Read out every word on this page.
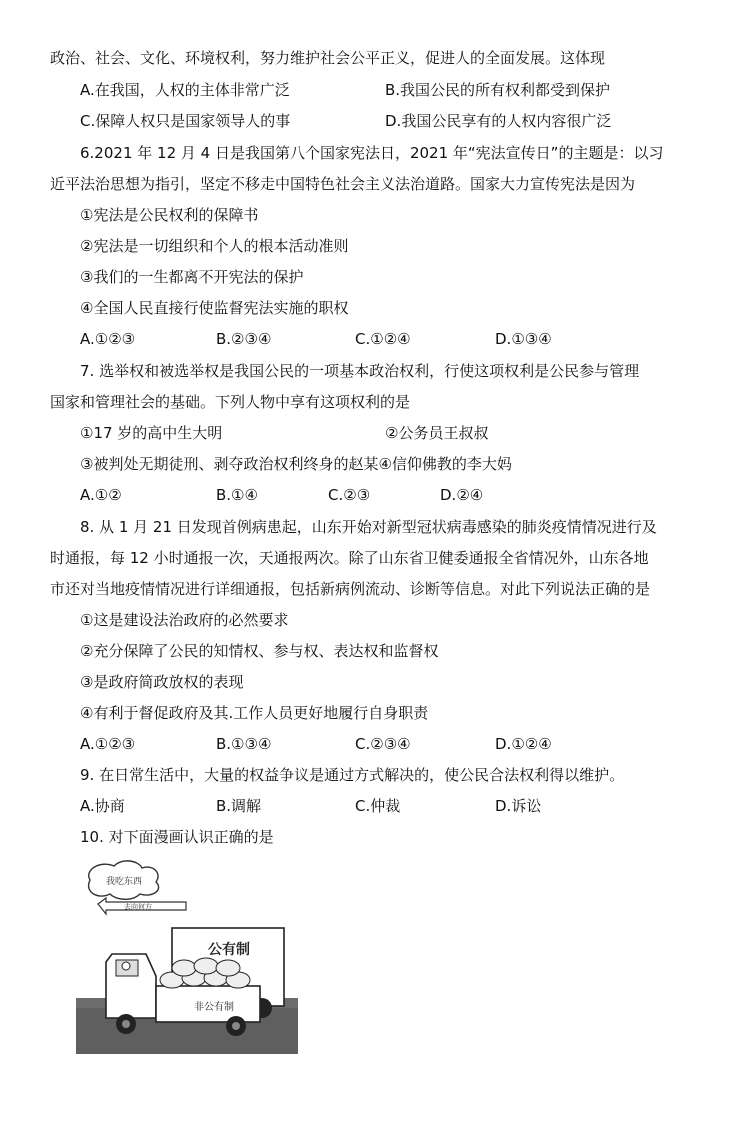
政治、社会、文化、环境权利，努力维护社会公平正义，促进人的全面发展。这体现
A.在我国，人权的主体非常广泛	B.我国公民的所有权利都受到保护
C.保障人权只是国家领导人的事	D.我国公民享有的人权内容很广泛
6.2021 年 12 月 4 日是我国第八个国家宪法日，2021 年“宪法宣传日”的主题是：以习
近平法治思想为指引，坚定不移走中国特色社会主义法治道路。国家大力宣传宪法是因为
①宪法是公民权利的保障书
②宪法是一切组织和个人的根本活动准则
③我们的一生都离不开宪法的保护
④全国人民直接行使监督宪法实施的职权
A.①②③	B.②③④	C.①②④	D.①③④
7. 选举权和被选举权是我国公民的一项基本政治权利，行使这项权利是公民参与管理
国家和管理社会的基础。下列人物中享有这项权利的是
①17 岁的高中生大明	②公务员王叔叔
③被判处无期徒刑、剥夺政治权利终身的赵某④信仰佛教的李大妈
A.①②	B.①④	C.②③	D.②④
8. 从 1 月 21 日发现首例病患起，山东开始对新型冠状病毒感染的肺炎疫情情况进行及
时通报，每 12 小时通报一次，天通报两次。除了山东省卫健委通报全省情况外，山东各地
市还对当地疫情情况进行详细通报，包括新病例流动、诊断等信息。对此下列说法正确的是
①这是建设法治政府的必然要求
②充分保障了公民的知情权、参与权、表达权和监督权
③是政府简政放权的表现
④有利于督促政府及其.工作人员更好地履行自身职责
A.①②③	B.①③④	C.②③④	D.①②④
9. 在日常生活中，大量的权益争议是通过方式解决的，使公民合法权利得以维护。
A.协商	B.调解	C.仲裁	D.诉讼
10. 对下面漫画认识正确的是
我吃东西
去向何方
公有制
非公有制
